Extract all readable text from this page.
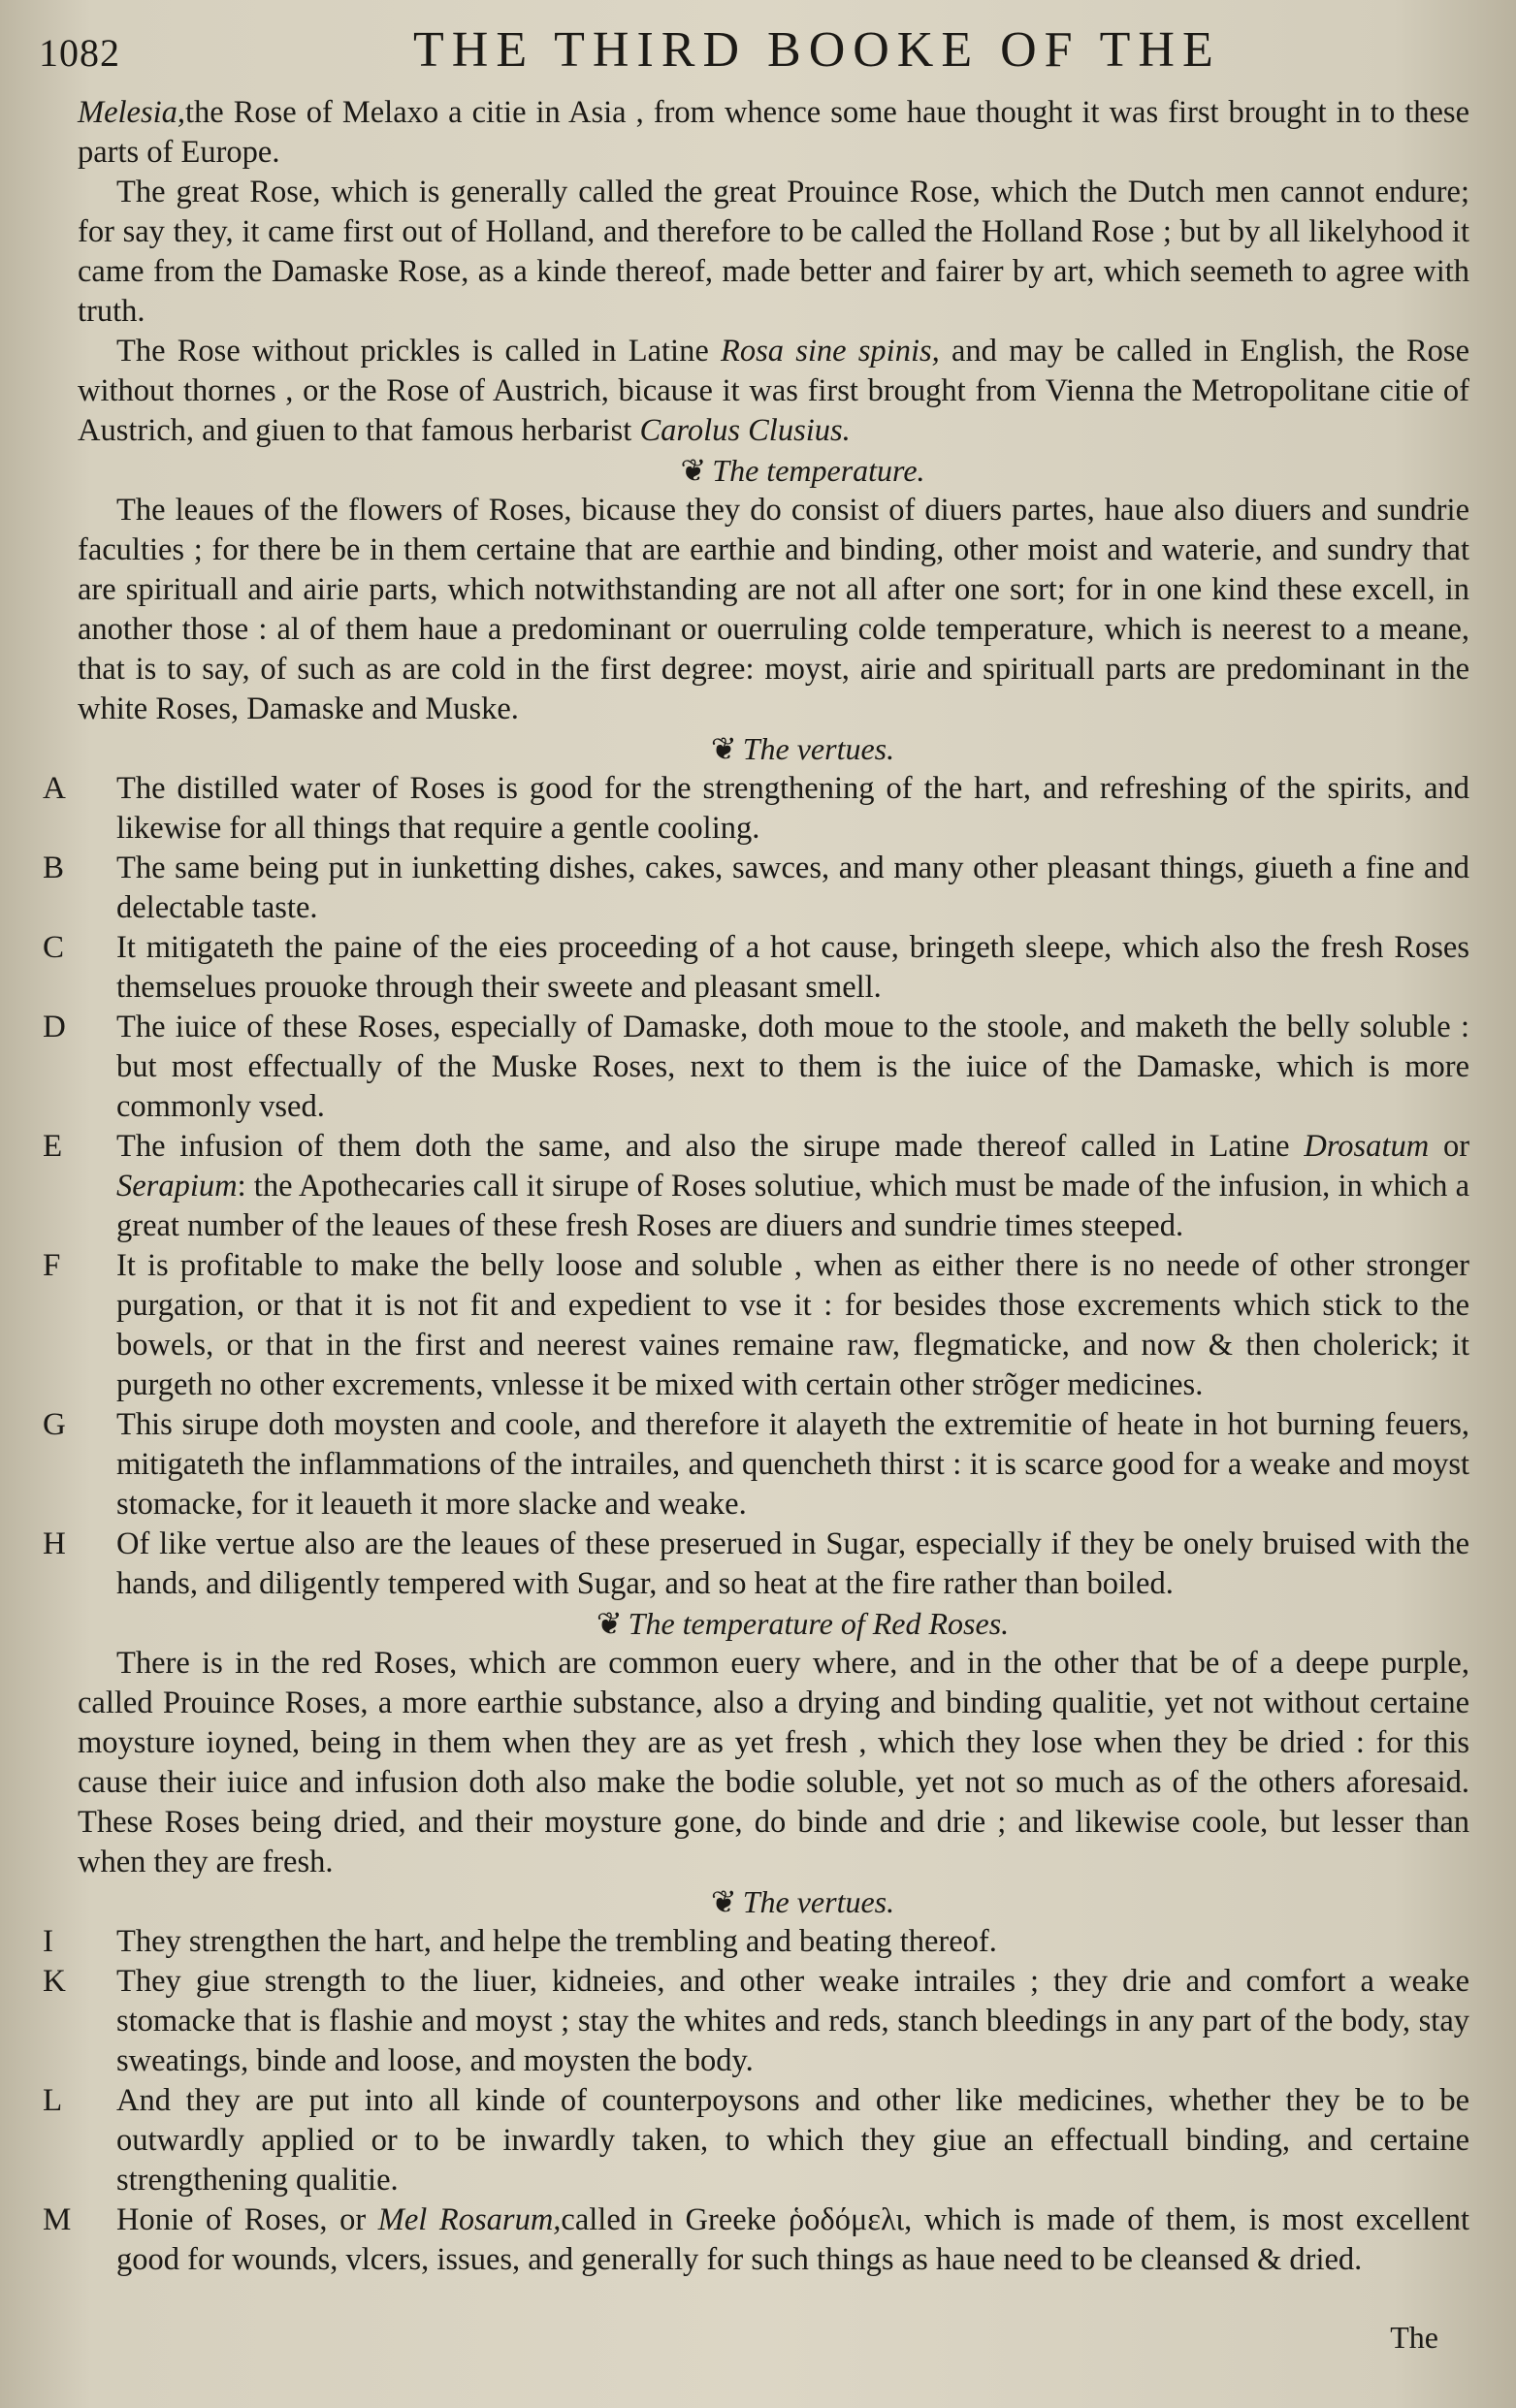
1082	THE THIRD BOOKE OF THE

Melesia,the Rose of Melaxo a citie in Asia , from whence some haue thought it was first brought in to these parts of Europe.

The great Rose, which is generally called the great Prouince Rose, which the Dutch men cannot endure; for say they, it came first out of Holland, and therefore to be called the Holland Rose ; but by all likelyhood it came from the Damaske Rose, as a kinde thereof, made better and fairer by art, which seemeth to agree with truth.

The Rose without prickles is called in Latine Rosa sine spinis, and may be called in English, the Rose without thornes , or the Rose of Austrich, bicause it was first brought from Vienna the Metropolitane citie of Austrich, and giuen to that famous herbarist Carolus Clusius.

❦ The temperature.

The leaues of the flowers of Roses, bicause they do consist of diuers partes, haue also diuers and sundrie faculties ; for there be in them certaine that are earthie and binding, other moist and waterie, and sundry that are spirituall and airie parts, which notwithstanding are not all after one sort; for in one kind these excell, in another those : al of them haue a predominant or ouerruling colde temperature, which is neerest to a meane, that is to say, of such as are cold in the first degree: moyst, airie and spirituall parts are predominant in the white Roses, Damaske and Muske.

❦ The vertues.
A	The distilled water of Roses is good for the strengthening of the hart, and refreshing of the spirits, and likewise for all things that require a gentle cooling.

B	The same being put in iunketting dishes, cakes, sawces, and many other pleasant things, giueth a fine and delectable taste.

C	It mitigateth the paine of the eies proceeding of a hot cause, bringeth sleepe, which also the fresh Roses themselues prouoke through their sweete and pleasant smell.

D	The iuice of these Roses, especially of Damaske, doth moue to the stoole, and maketh the belly soluble : but most effectually of the Muske Roses, next to them is the iuice of the Damaske, which is more commonly vsed.

E	The infusion of them doth the same, and also the sirupe made thereof called in Latine Drosatum or Serapium: the Apothecaries call it sirupe of Roses solutiue, which must be made of the infusion, in which a great number of the leaues of these fresh Roses are diuers and sundrie times steeped.

F	It is profitable to make the belly loose and soluble , when as either there is no neede of other stronger purgation, or that it is not fit and expedient to vse it : for besides those excrements which stick to the bowels, or that in the first and neerest vaines remaine raw, flegmaticke, and now & then cholerick; it purgeth no other excrements, vnlesse it be mixed with certain other strõger medicines.

G	This sirupe doth moysten and coole, and therefore it alayeth the extremitie of heate in hot burning feuers, mitigateth the inflammations of the intrailes, and quencheth thirst : it is scarce good for a weake and moyst stomacke, for it leaueth it more slacke and weake.

H	Of like vertue also are the leaues of these preserued in Sugar, especially if they be onely bruised with the hands, and diligently tempered with Sugar, and so heat at the fire rather than boiled.

❦ The temperature of Red Roses.

There is in the red Roses, which are common euery where, and in the other that be of a deepe purple, called Prouince Roses, a more earthie substance, also a drying and binding qualitie, yet not without certaine moysture ioyned, being in them when they are as yet fresh , which they lose when they be dried : for this cause their iuice and infusion doth also make the bodie soluble, yet not so much as of the others aforesaid. These Roses being dried, and their moysture gone, do binde and drie ; and likewise coole, but lesser than when they are fresh.

❦ The vertues.
I	They strengthen the hart, and helpe the trembling and beating thereof.

K	They giue strength to the liuer, kidneies, and other weake intrailes ; they drie and comfort a weake stomacke that is flashie and moyst ; stay the whites and reds, stanch bleedings in any part of the body, stay sweatings, binde and loose, and moysten the body.

L	And they are put into all kinde of counterpoysons and other like medicines, whether they be to be outwardly applied or to be inwardly taken, to which they giue an effectuall binding, and certaine strengthening qualitie.

M	Honie of Roses, or Mel Rosarum,called in Greeke ῥοδόμελι, which is made of them, is most excellent good for wounds, vlcers, issues, and generally for such things as haue need to be cleansed & dried.

The
